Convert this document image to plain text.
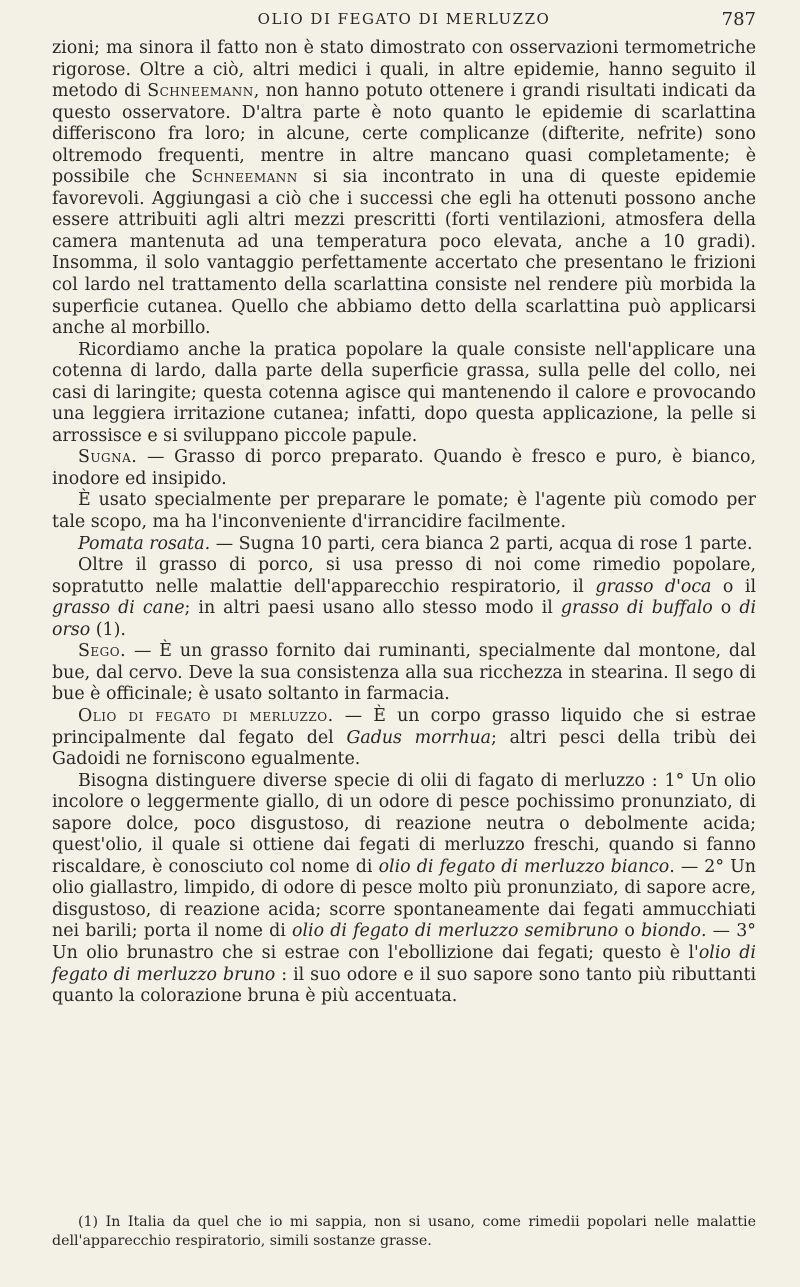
OLIO DI FEGATO DI MERLUZZO	787

zioni; ma sinora il fatto non è stato dimostrato con osservazioni termometriche rigorose. Oltre a ciò, altri medici i quali, in altre epidemie, hanno seguito il metodo di Schneemann, non hanno potuto ottenere i grandi risultati indicati da questo osservatore. D'altra parte è noto quanto le epidemie di scarlattina differiscono fra loro; in alcune, certe complicanze (difterite, nefrite) sono oltremodo frequenti, mentre in altre mancano quasi completamente; è possibile che Schneemann si sia incontrato in una di queste epidemie favorevoli. Aggiungasi a ciò che i successi che egli ha ottenuti possono anche essere attribuiti agli altri mezzi prescritti (forti ventilazioni, atmosfera della camera mantenuta ad una temperatura poco elevata, anche a 10 gradi). Insomma, il solo vantaggio perfettamente accertato che presentano le frizioni col lardo nel trattamento della scarlattina consiste nel rendere più morbida la superficie cutanea. Quello che abbiamo detto della scarlattina può applicarsi anche al morbillo.

Ricordiamo anche la pratica popolare la quale consiste nell'applicare una cotenna di lardo, dalla parte della superficie grassa, sulla pelle del collo, nei casi di laringite; questa cotenna agisce qui mantenendo il calore e provocando una leggiera irritazione cutanea; infatti, dopo questa applicazione, la pelle si arrossisce e si sviluppano piccole papule.

Sugna. — Grasso di porco preparato. Quando è fresco e puro, è bianco, inodore ed insipido.

È usato specialmente per preparare le pomate; è l'agente più comodo per tale scopo, ma ha l'inconveniente d'irrancidire facilmente.

Pomata rosata. — Sugna 10 parti, cera bianca 2 parti, acqua di rose 1 parte.

Oltre il grasso di porco, si usa presso di noi come rimedio popolare, sopratutto nelle malattie dell'apparecchio respiratorio, il grasso d'oca o il grasso di cane; in altri paesi usano allo stesso modo il grasso di buffalo o di orso (1).

Sego. — È un grasso fornito dai ruminanti, specialmente dal montone, dal bue, dal cervo. Deve la sua consistenza alla sua ricchezza in stearina. Il sego di bue è officinale; è usato soltanto in farmacia.

Olio di fegato di merluzzo. — È un corpo grasso liquido che si estrae principalmente dal fegato del Gadus morrhua; altri pesci della tribù dei Gadoidi ne forniscono egualmente.

Bisogna distinguere diverse specie di olii di fagato di merluzzo : 1° Un olio incolore o leggermente giallo, di un odore di pesce pochissimo pronunziato, di sapore dolce, poco disgustoso, di reazione neutra o debolmente acida; quest'olio, il quale si ottiene dai fegati di merluzzo freschi, quando si fanno riscaldare, è conosciuto col nome di olio di fegato di merluzzo bianco. — 2° Un olio giallastro, limpido, di odore di pesce molto più pronunziato, di sapore acre, disgustoso, di reazione acida; scorre spontaneamente dai fegati ammucchiati nei barili; porta il nome di olio di fegato di merluzzo semibruno o biondo. — 3° Un olio brunastro che si estrae con l'ebollizione dai fegati; questo è l'olio di fegato di merluzzo bruno : il suo odore e il suo sapore sono tanto più ributtanti quanto la colorazione bruna è più accentuata.

(1) In Italia da quel che io mi sappia, non si usano, come rimedii popolari nelle malattie dell'apparecchio respiratorio, simili sostanze grasse.
